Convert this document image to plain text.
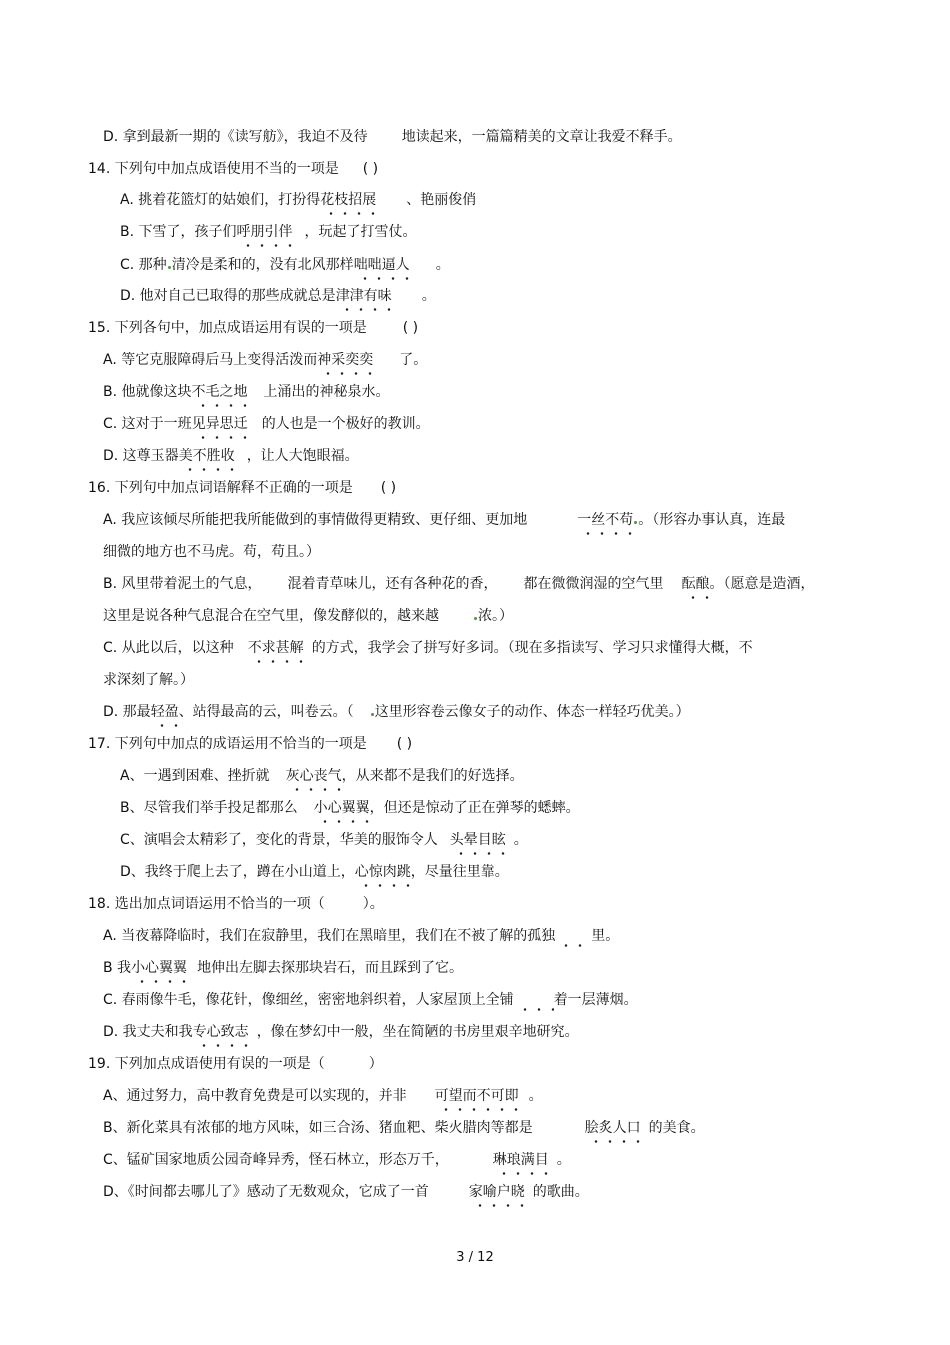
D. 拿到最新一期的《读写舫》，我迫不及待 地读起来，一篇篇精美的文章让我爱不释手。
14. 下列句中加点成语使用不当的一项是 ( )
A. 挑着花篮灯的姑娘们，打扮得花枝招展 、艳丽俊俏
B. 下雪了，孩子们呼朋引伴 ，玩起了打雪仗。
C. 那种 清冷是柔和的，没有北风那样咄咄逼人 。
D. 他对自己已取得的那些成就总是津津有味 。
15. 下列各句中，加点成语运用有误的一项是	( )
A. 等它克服障碍后马上变得活泼而神采奕奕 了。
B. 他就像这块不毛之地 上涌出的神秘泉水。
C. 这对于一班见异思迁 的人也是一个极好的教训。
D. 这尊玉器美不胜收 ，让人大饱眼福。
16. 下列句中加点词语解释不正确的一项是 ( )
A. 我应该倾尽所能把我所能做到的事情做得更精致、更仔细、更加地	一丝不苟 。（形容办事认真，连最
细微的地方也不马虎。苟，苟且。）
B. 风里带着泥土的气息， 混着青草味儿，还有各种花的香， 都在微微润湿的空气里 酝酿。（愿意是造酒，
这里是说各种气息混合在空气里，像发酵似的，越来越	浓。）
C. 从此以后，以这种 不求甚解 的方式，我学会了拼写好多词。（现在多指读写、学习只求懂得大概，不
求深刻了解。）
D. 那最轻盈、站得最高的云，叫卷云。（ 这里形容卷云像女子的动作、体态一样轻巧优美。）
17. 下列句中加点的成语运用不恰当的一项是 ( )
A、一遇到困难、挫折就 灰心丧气，从来都不是我们的好选择。
B、尽管我们举手投足都那么 小心翼翼，但还是惊动了正在弹琴的蟋蟀。
C、演唱会太精彩了，变化的背景，华美的服饰令人 头晕目眩 。
D、我终于爬上去了，蹲在小山道上，心惊肉跳，尽量往里靠。
18. 选出加点词语运用不恰当的一项（	）。
A. 当夜幕降临时，我们在寂静里，我们在黑暗里，我们在不被了解的孤独	里。
B 我小心翼翼 地伸出左脚去探那块岩石，而且踩到了它。
C. 春雨像牛毛，像花针，像细丝，密密地斜织着，人家屋顶上全铺	着一层薄烟。
D. 我丈夫和我专心致志 ，像在梦幻中一般，坐在简陋的书房里艰辛地研究。
19. 下列加点成语使用有误的一项是（	）
A、通过努力，高中教育免费是可以实现的，并非 可望而不可即 。
B、新化菜具有浓郁的地方风味，如三合汤、猪血粑、柴火腊肉等都是	脍炙人口 的美食。
C、锰矿国家地质公园奇峰异秀，怪石林立，形态万千，	琳琅满目 。
D、《时间都去哪儿了》感动了无数观众，它成了一首	家喻户晓 的歌曲。
3 / 12
